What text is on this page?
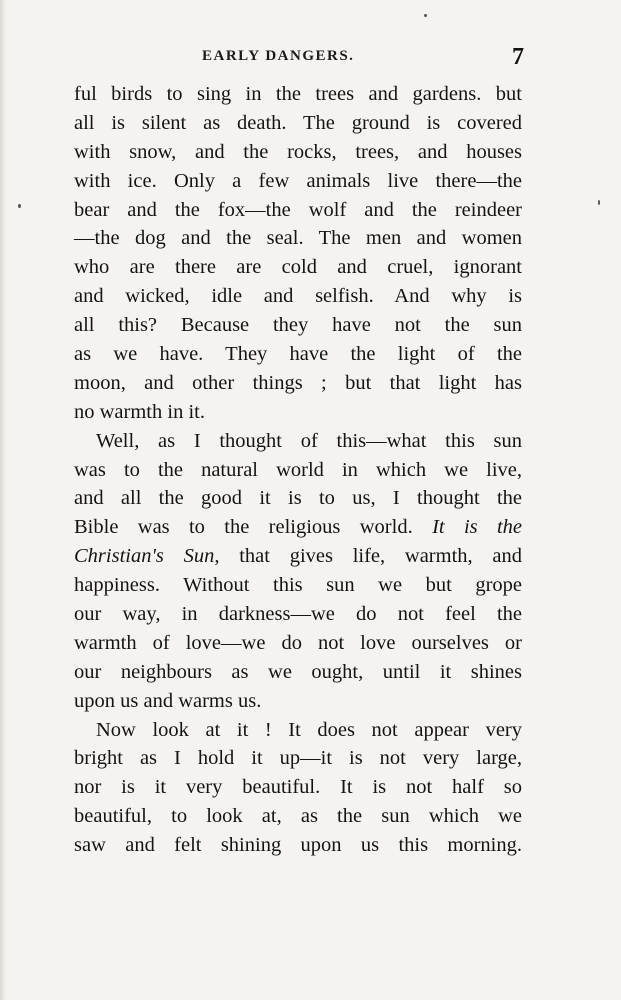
EARLY DANGERS.	7
ful birds to sing in the trees and gardens. but
all is silent as death. The ground is covered
with snow, and the rocks, trees, and houses
with ice. Only a few animals live there—the
bear and the fox—the wolf and the reindeer
—the dog and the seal. The men and women
who are there are cold and cruel, ignorant
and wicked, idle and selfish. And why is
all this? Because they have not the sun
as we have. They have the light of the
moon, and other things ; but that light has
no warmth in it.
Well, as I thought of this—what this sun
was to the natural world in which we live,
and all the good it is to us, I thought the
Bible was to the religious world. It is the
Christian's Sun, that gives life, warmth, and
happiness. Without this sun we but grope
our way, in darkness—we do not feel the
warmth of love—we do not love ourselves or
our neighbours as we ought, until it shines
upon us and warms us.
Now look at it ! It does not appear very
bright as I hold it up—it is not very large,
nor is it very beautiful. It is not half so
beautiful, to look at, as the sun which we
saw and felt shining upon us this morning.
